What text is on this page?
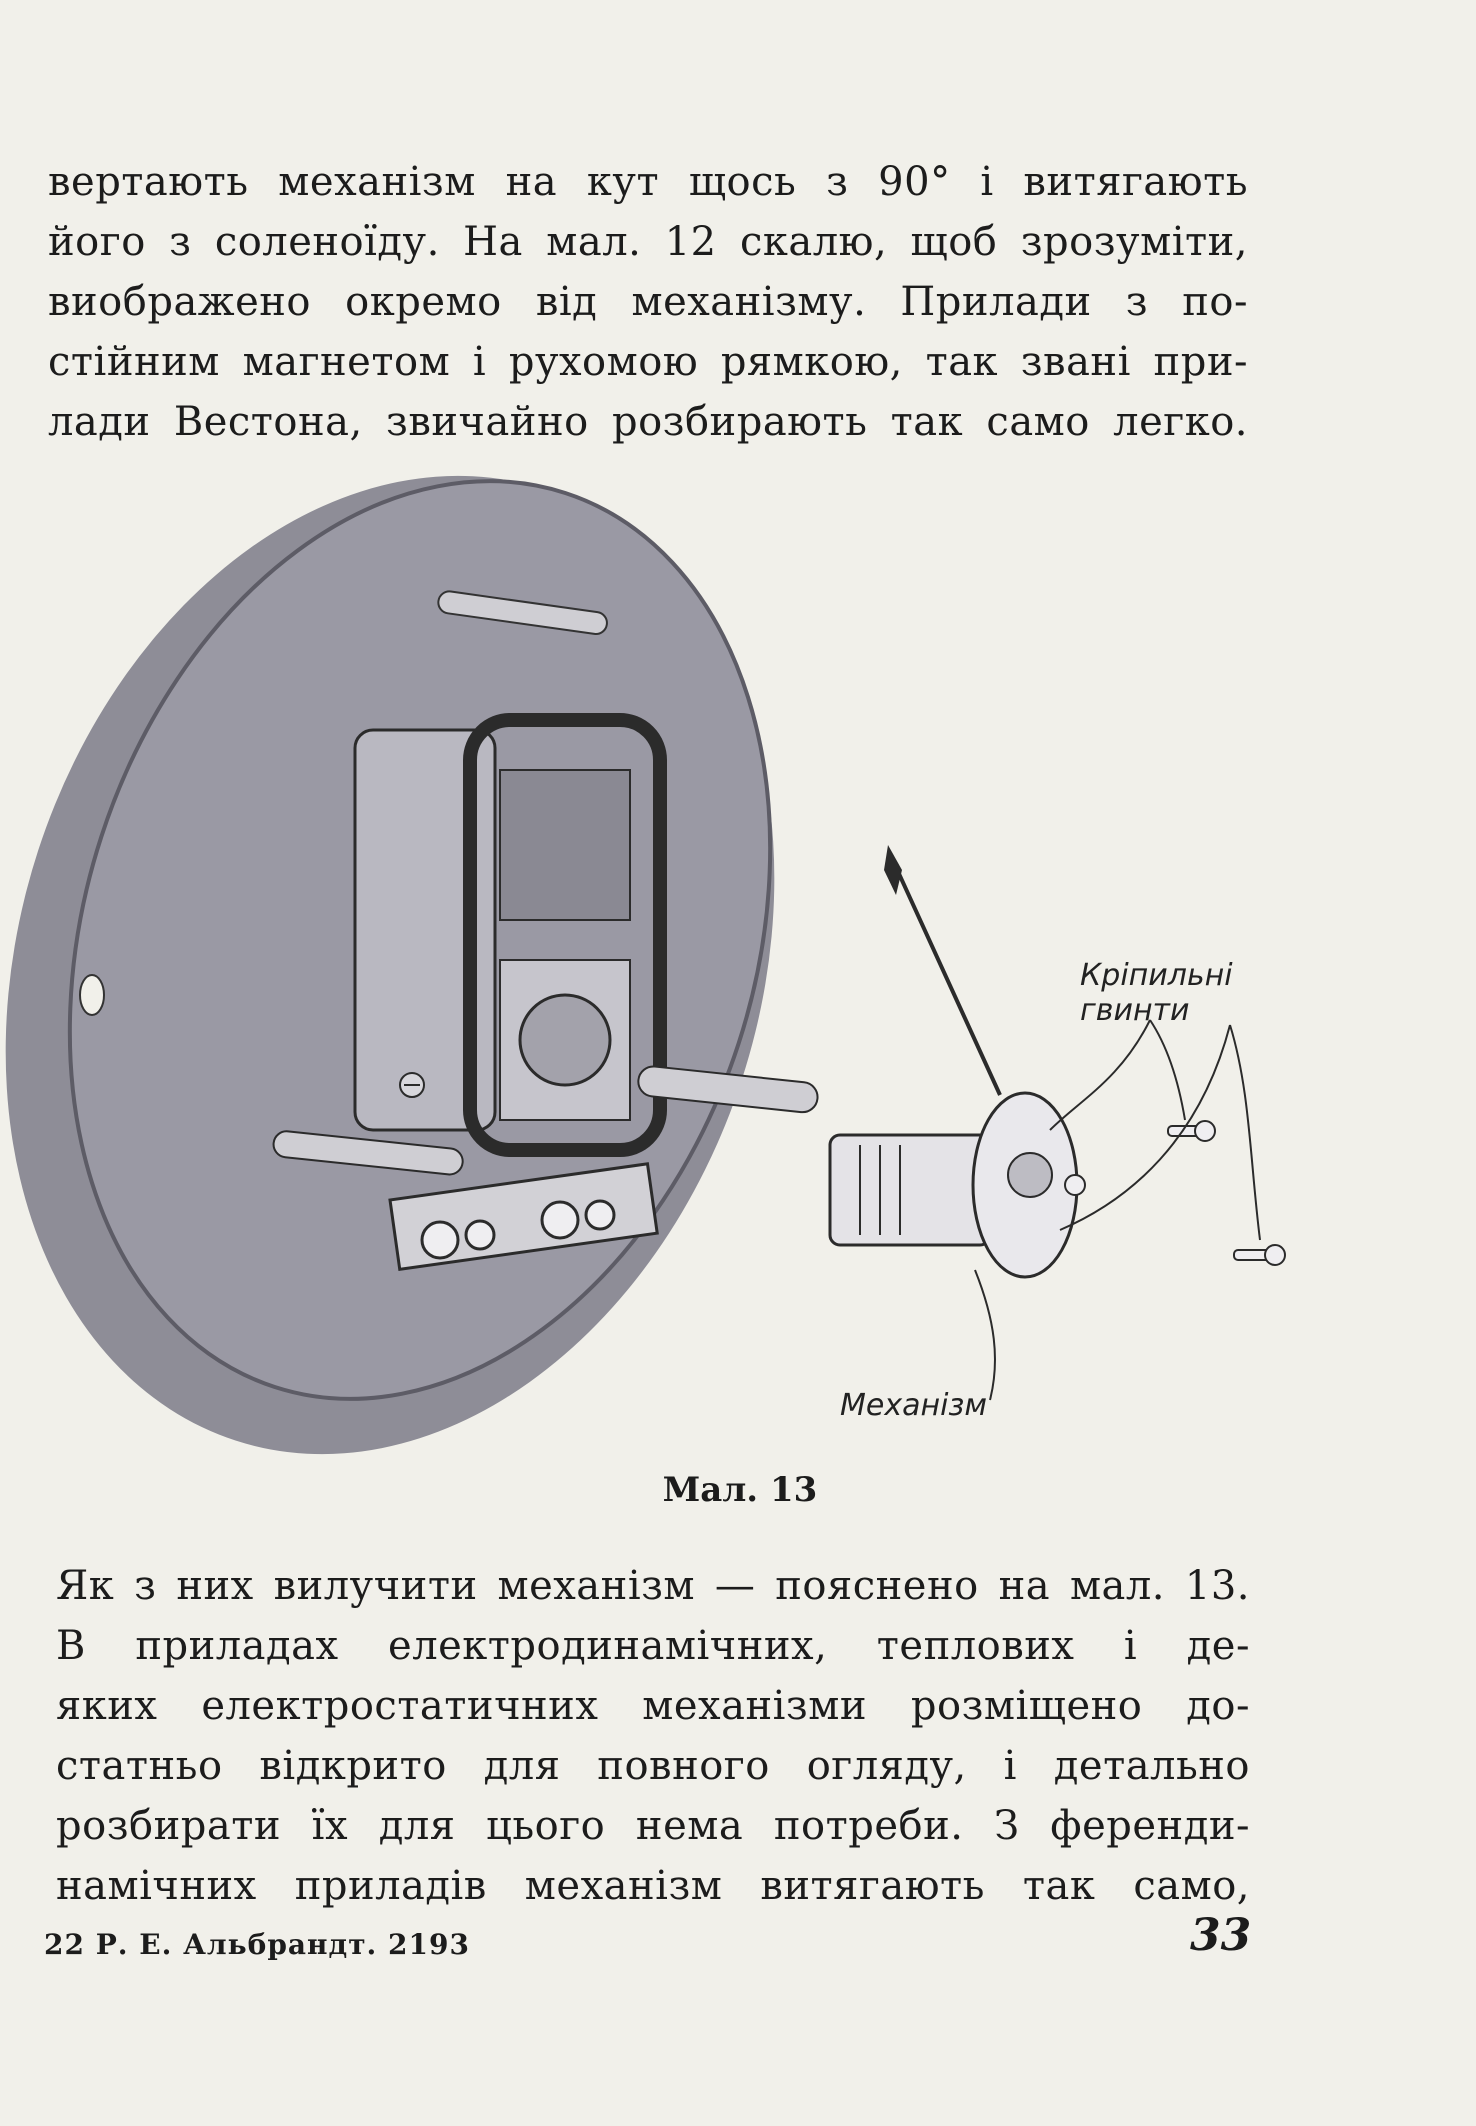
вертають механізм на кут щось з 90° і витягають
його з соленоїду. На мал. 12 скалю, щоб зрозуміти,
виображено окремо від механізму. Прилади з по-
стійним магнетом і рухомою рямкою, так звані при-
лади Вестона, звичайно розбирають так само легко.
Кріпильні
гвинти
Механізм
Мал. 13
Як з них вилучити механізм — пояснено на мал. 13.
В приладах електродинамічних, теплових і де-
яких електростатичних механізми розміщено до-
статньо відкрито для повного огляду, і детально
розбирати їх для цього нема потреби. З ференди-
намічних приладів механізм витягають так само,
22 Р. Е. Альбрандт. 2193	33
